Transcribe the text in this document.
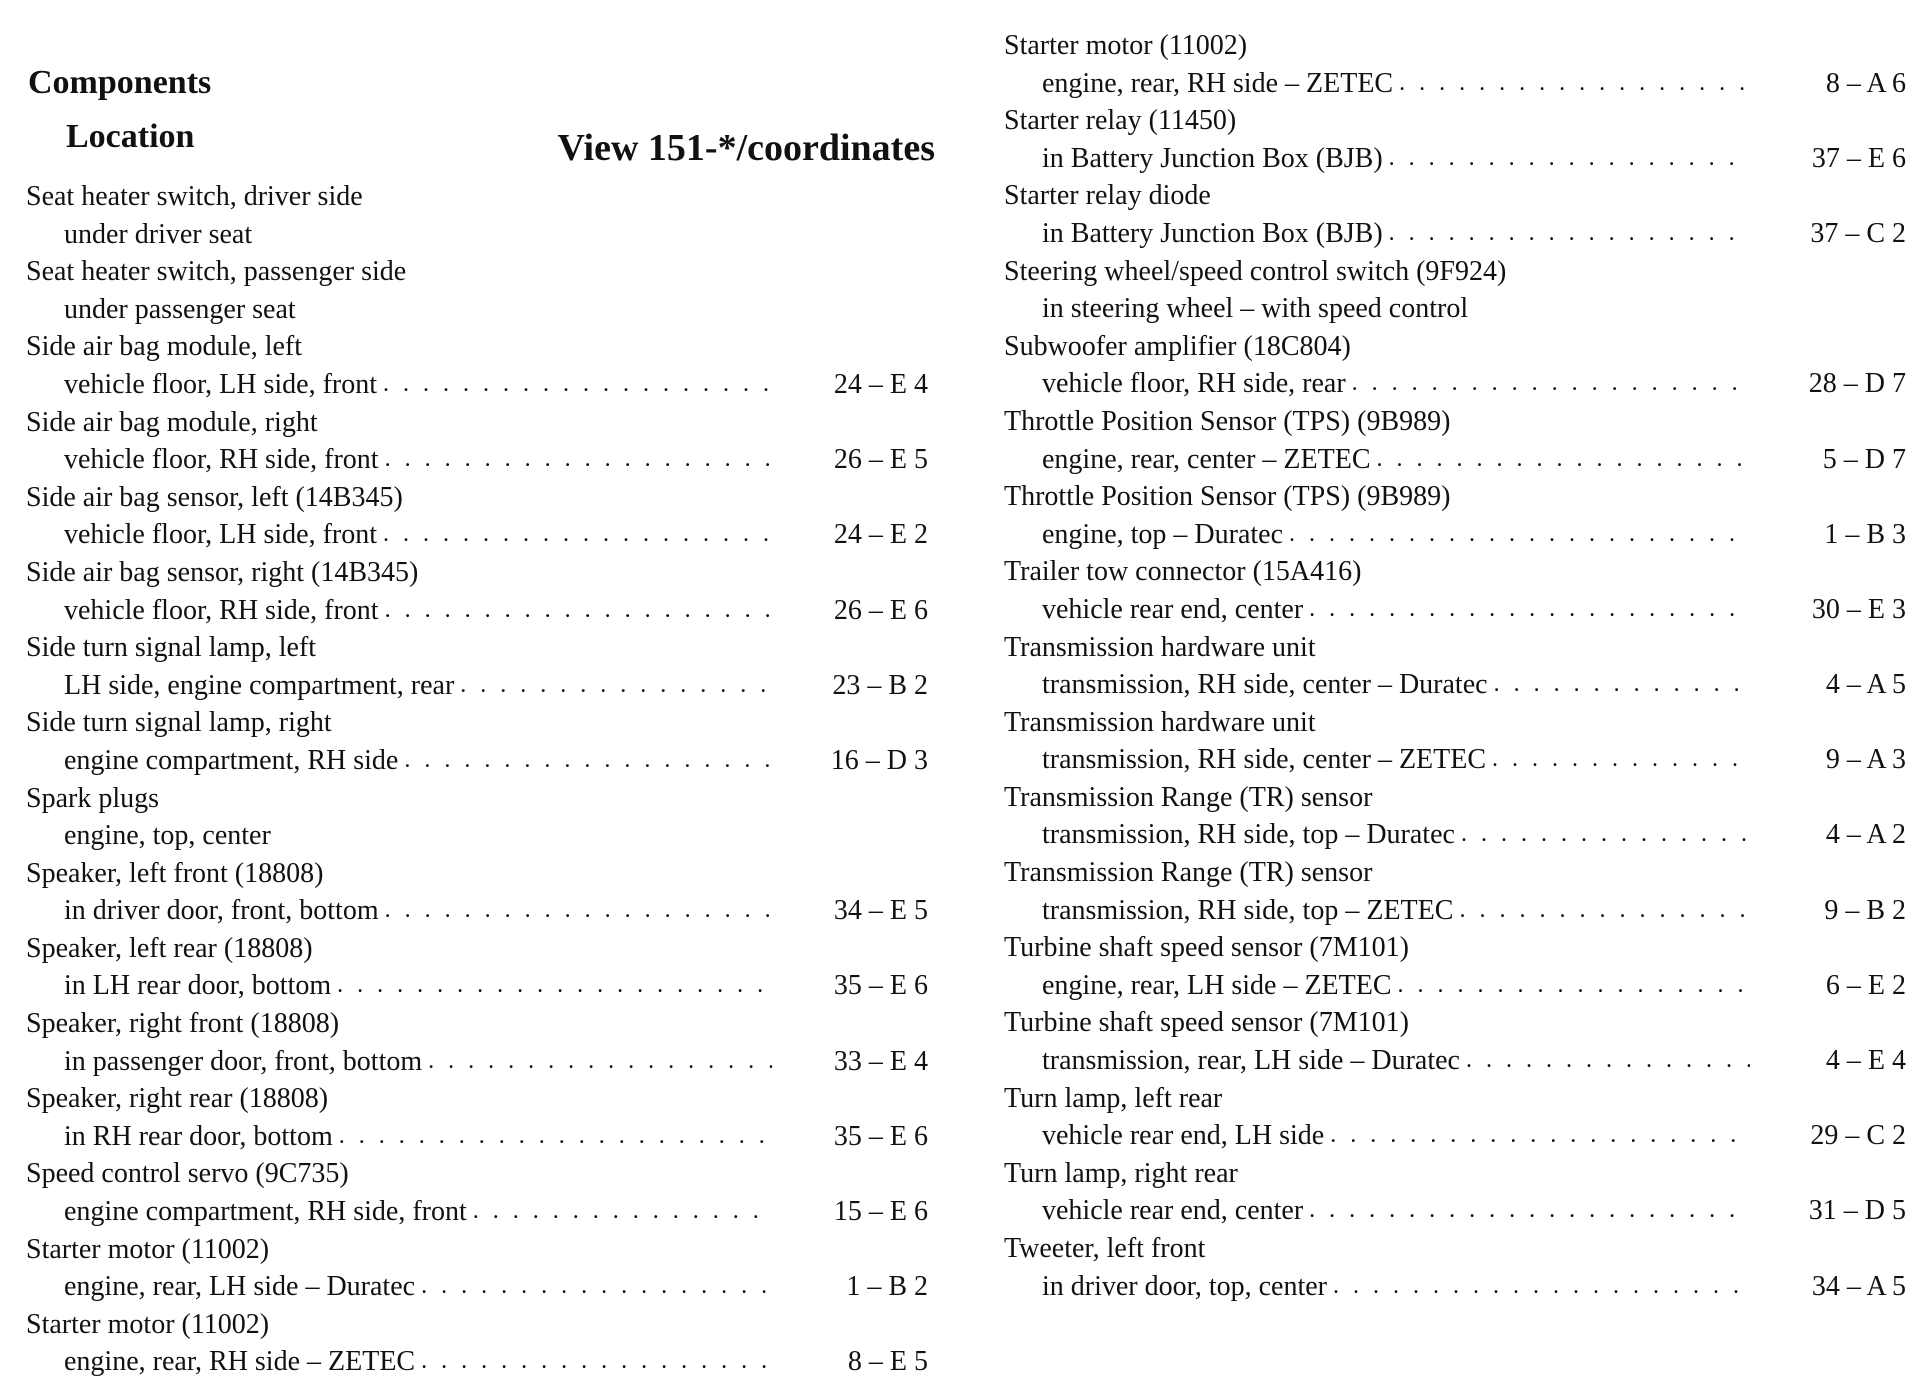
Components
Location	View 151-*/coordinates
Seat heater switch, driver side
under driver seat
Seat heater switch, passenger side
under passenger seat
Side air bag module, left
vehicle floor, LH side, front . . .	24 – E 4
Side air bag module, right
vehicle floor, RH side, front . . .	26 – E 5
Side air bag sensor, left (14B345)
vehicle floor, LH side, front . . .	24 – E 2
Side air bag sensor, right (14B345)
vehicle floor, RH side, front . . .	26 – E 6
Side turn signal lamp, left
LH side, engine compartment, rear . . .	23 – B 2
Side turn signal lamp, right
engine compartment, RH side . . .	16 – D 3
Spark plugs
engine, top, center
Speaker, left front (18808)
in driver door, front, bottom . . .	34 – E 5
Speaker, left rear (18808)
in LH rear door, bottom . . .	35 – E 6
Speaker, right front (18808)
in passenger door, front, bottom . . .	33 – E 4
Speaker, right rear (18808)
in RH rear door, bottom . . .	35 – E 6
Speed control servo (9C735)
engine compartment, RH side, front . . .	15 – E 6
Starter motor (11002)
engine, rear, LH side – Duratec . . .	1 – B 2
Starter motor (11002)
engine, rear, RH side – ZETEC . . .	8 – E 5
Starter motor (11002)
engine, rear, RH side – ZETEC . . .	8 – A 6
Starter relay (11450)
in Battery Junction Box (BJB) . . .	37 – E 6
Starter relay diode
in Battery Junction Box (BJB) . . .	37 – C 2
Steering wheel/speed control switch (9F924)
in steering wheel – with speed control
Subwoofer amplifier (18C804)
vehicle floor, RH side, rear . . .	28 – D 7
Throttle Position Sensor (TPS) (9B989)
engine, rear, center – ZETEC . . .	5 – D 7
Throttle Position Sensor (TPS) (9B989)
engine, top – Duratec . . .	1 – B 3
Trailer tow connector (15A416)
vehicle rear end, center . . .	30 – E 3
Transmission hardware unit
transmission, RH side, center – Duratec . . .	4 – A 5
Transmission hardware unit
transmission, RH side, center – ZETEC . . .	9 – A 3
Transmission Range (TR) sensor
transmission, RH side, top – Duratec . . .	4 – A 2
Transmission Range (TR) sensor
transmission, RH side, top – ZETEC . . .	9 – B 2
Turbine shaft speed sensor (7M101)
engine, rear, LH side – ZETEC . . .	6 – E 2
Turbine shaft speed sensor (7M101)
transmission, rear, LH side – Duratec . . .	4 – E 4
Turn lamp, left rear
vehicle rear end, LH side . . .	29 – C 2
Turn lamp, right rear
vehicle rear end, center . . .	31 – D 5
Tweeter, left front
in driver door, top, center . . .	34 – A 5
